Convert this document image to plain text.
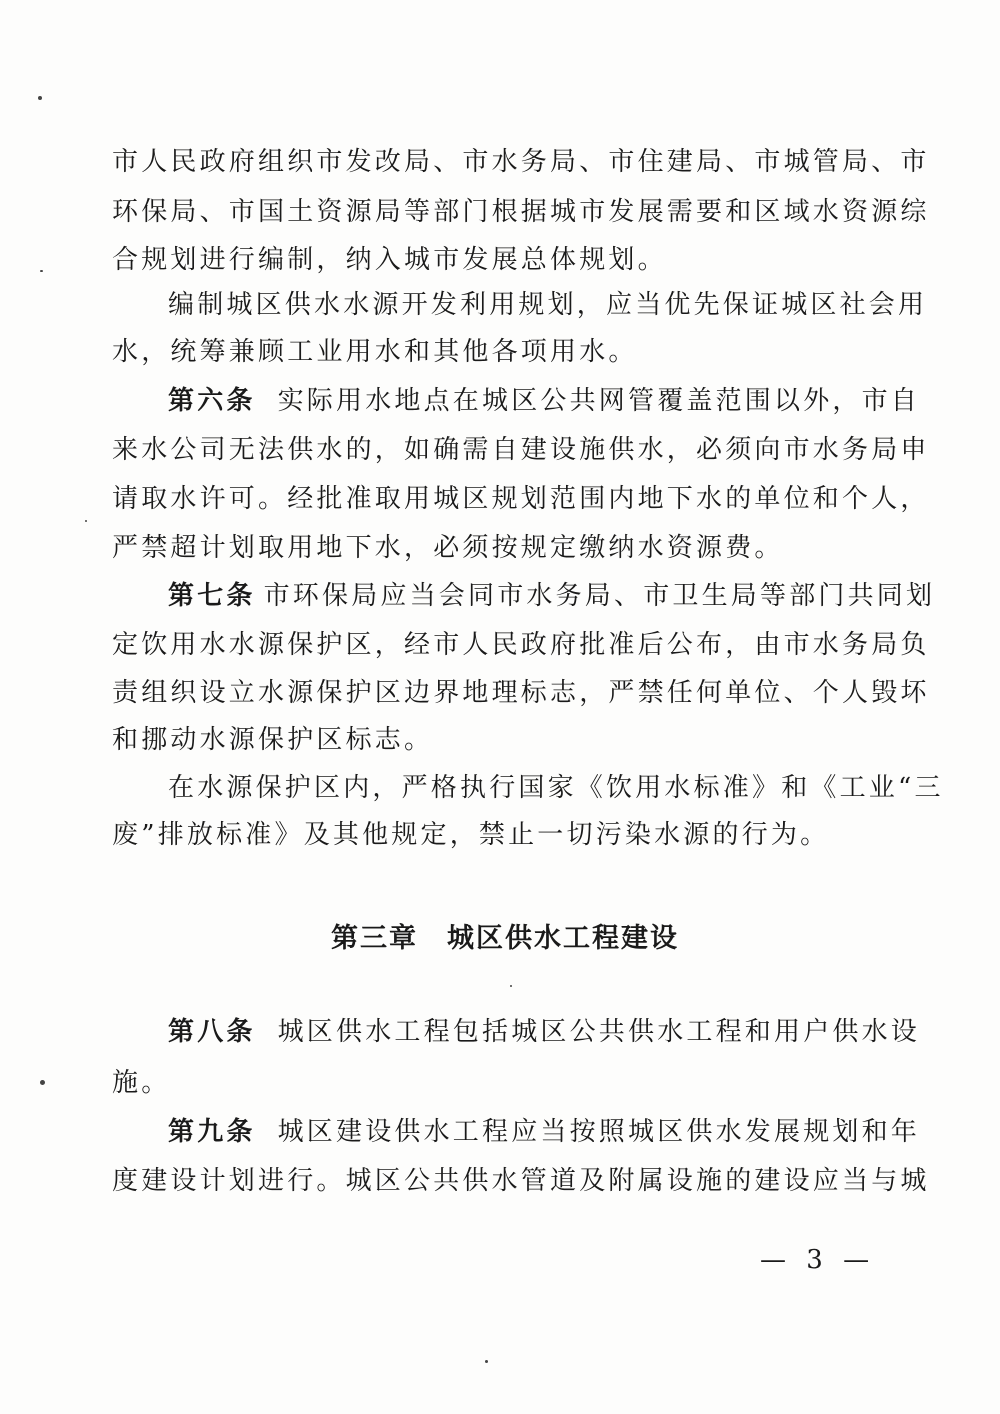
市人民政府组织市发改局、市水务局、市住建局、市城管局、市
环保局、市国土资源局等部门根据城市发展需要和区域水资源综
合规划进行编制，纳入城市发展总体规划。
编制城区供水水源开发利用规划，应当优先保证城区社会用
水，统筹兼顾工业用水和其他各项用水。
第六条 实际用水地点在城区公共网管覆盖范围以外，市自
来水公司无法供水的，如确需自建设施供水，必须向市水务局申
请取水许可。经批准取用城区规划范围内地下水的单位和个人，
严禁超计划取用地下水，必须按规定缴纳水资源费。
第七条 市环保局应当会同市水务局、市卫生局等部门共同划
定饮用水水源保护区，经市人民政府批准后公布，由市水务局负
责组织设立水源保护区边界地理标志，严禁任何单位、个人毁坏
和挪动水源保护区标志。
在水源保护区内，严格执行国家《饮用水标准》和《工业“三
废”排放标准》及其他规定，禁止一切污染水源的行为。
第三章　城区供水工程建设
第八条 城区供水工程包括城区公共供水工程和用户供水设
施。
第九条 城区建设供水工程应当按照城区供水发展规划和年
度建设计划进行。城区公共供水管道及附属设施的建设应当与城
— 3 —
